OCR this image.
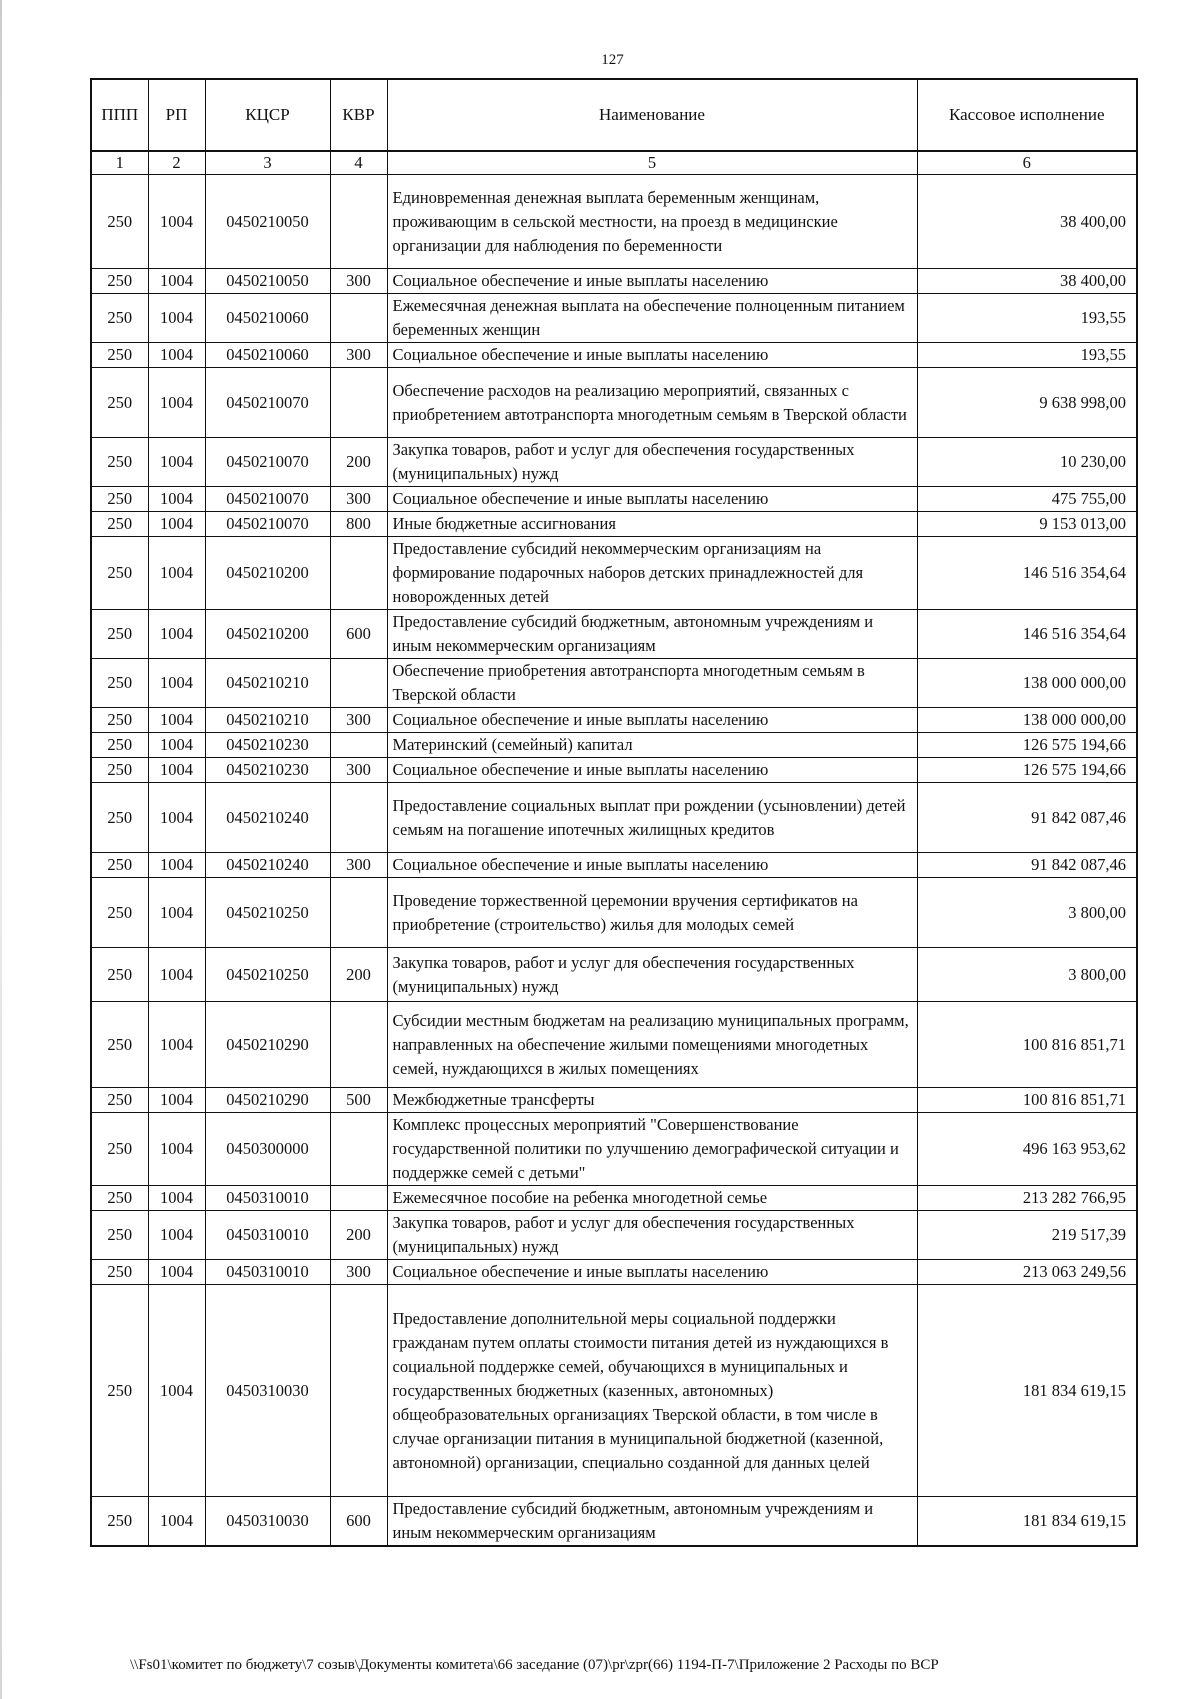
127
ППП	РП	КЦСР	КВР	Наименование	Кассовое исполнение
1	2	3	4	5	6
250	1004	0450210050		Единовременная денежная выплата беременным женщинам, проживающим в сельской местности, на проезд в медицинские организации для наблюдения по беременности	38 400,00
250	1004	0450210050	300	Социальное обеспечение и иные выплаты населению	38 400,00
250	1004	0450210060		Ежемесячная денежная выплата на обеспечение полноценным питанием беременных женщин	193,55
250	1004	0450210060	300	Социальное обеспечение и иные выплаты населению	193,55
250	1004	0450210070		Обеспечение расходов на реализацию мероприятий, связанных с приобретением автотранспорта многодетным семьям в Тверской области	9 638 998,00
250	1004	0450210070	200	Закупка товаров, работ и услуг для обеспечения государственных (муниципальных) нужд	10 230,00
250	1004	0450210070	300	Социальное обеспечение и иные выплаты населению	475 755,00
250	1004	0450210070	800	Иные бюджетные ассигнования	9 153 013,00
250	1004	0450210200		Предоставление субсидий некоммерческим организациям на формирование подарочных наборов детских принадлежностей для новорожденных детей	146 516 354,64
250	1004	0450210200	600	Предоставление субсидий бюджетным, автономным учреждениям и иным некоммерческим организациям	146 516 354,64
250	1004	0450210210		Обеспечение приобретения автотранспорта многодетным семьям в Тверской области	138 000 000,00
250	1004	0450210210	300	Социальное обеспечение и иные выплаты населению	138 000 000,00
250	1004	0450210230		Материнский (семейный) капитал	126 575 194,66
250	1004	0450210230	300	Социальное обеспечение и иные выплаты населению	126 575 194,66
250	1004	0450210240		Предоставление социальных выплат при рождении (усыновлении) детей семьям на погашение ипотечных жилищных кредитов	91 842 087,46
250	1004	0450210240	300	Социальное обеспечение и иные выплаты населению	91 842 087,46
250	1004	0450210250		Проведение торжественной церемонии вручения сертификатов на приобретение (строительство) жилья для молодых семей	3 800,00
250	1004	0450210250	200	Закупка товаров, работ и услуг для обеспечения государственных (муниципальных) нужд	3 800,00
250	1004	0450210290		Субсидии местным бюджетам на реализацию муниципальных программ, направленных на обеспечение жилыми помещениями многодетных семей, нуждающихся в жилых помещениях	100 816 851,71
250	1004	0450210290	500	Межбюджетные трансферты	100 816 851,71
250	1004	0450300000		Комплекс процессных мероприятий "Совершенствование государственной политики по улучшению демографической ситуации и поддержке семей с детьми"	496 163 953,62
250	1004	0450310010		Ежемесячное пособие на ребенка многодетной семье	213 282 766,95
250	1004	0450310010	200	Закупка товаров, работ и услуг для обеспечения государственных (муниципальных) нужд	219 517,39
250	1004	0450310010	300	Социальное обеспечение и иные выплаты населению	213 063 249,56
250	1004	0450310030		Предоставление дополнительной меры социальной поддержки гражданам путем оплаты стоимости питания детей из нуждающихся в социальной поддержке семей, обучающихся в муниципальных и государственных бюджетных (казенных, автономных) общеобразовательных организациях Тверской области, в том числе в случае организации питания в муниципальной бюджетной (казенной, автономной) организации, специально созданной для данных целей	181 834 619,15
250	1004	0450310030	600	Предоставление субсидий бюджетным, автономным учреждениям и иным некоммерческим организациям	181 834 619,15
\\Fs01\комитет по бюджету\7 созыв\Документы комитета\66 заседание (07)\pr\zpr(66) 1194-П-7\Приложение 2 Расходы по ВСР
